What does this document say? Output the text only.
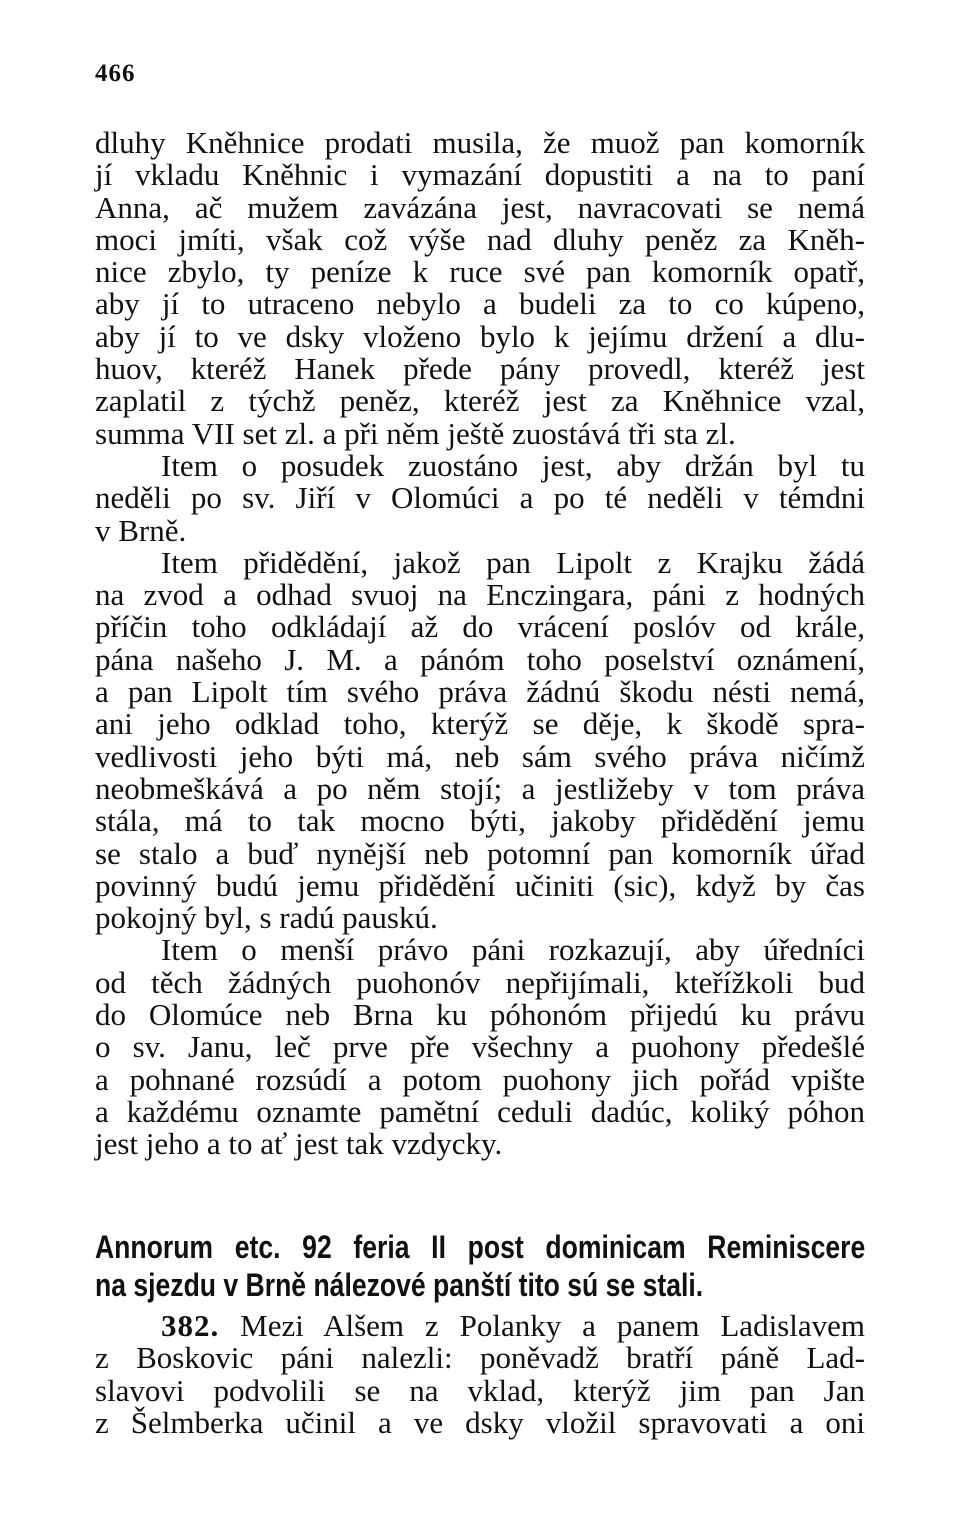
466
dluhy Kněhnice prodati musila, že muož pan komorník
jí vkladu Kněhnic i vymazání dopustiti a na to paní
Anna, ač mužem zavázána jest, navracovati se nemá
moci jmíti, však což výše nad dluhy peněz za Kněh-
nice zbylo, ty peníze k ruce své pan komorník opatř,
aby jí to utraceno nebylo a budeli za to co kúpeno,
aby jí to ve dsky vloženo bylo k jejímu držení a dlu-
huov, kteréž Hanek přede pány provedl, kteréž jest
zaplatil z týchž peněz, kteréž jest za Kněhnice vzal,
summa VII set zl. a při něm ještě zuostává tři sta zl.
Item o posudek zuostáno jest, aby držán byl tu
neděli po sv. Jiří v Olomúci a po té neděli v témdni
v Brně.
Item přidědění, jakož pan Lipolt z Krajku žádá
na zvod a odhad svuoj na Enczingara, páni z hodných
příčin toho odkládají až do vrácení poslóv od krále,
pána našeho J. M. a pánóm toho poselství oznámení,
a pan Lipolt tím svého práva žádnú škodu nésti nemá,
ani jeho odklad toho, kterýž se děje, k škodě spra-
vedlivosti jeho býti má, neb sám svého práva ničímž
neobmeškává a po něm stojí; a jestližeby v tom práva
stála, má to tak mocno býti, jakoby přidědění jemu
se stalo a buď nynější neb potomní pan komorník úřad
povinný budú jemu přidědění učiniti (sic), když by čas
pokojný byl, s radú pauskú.
Item o menší právo páni rozkazují, aby úředníci
od těch žádných puohonóv nepřijímali, kteřížkoli bud
do Olomúce neb Brna ku póhonóm přijedú ku právu
o sv. Janu, leč prve pře všechny a puohony předešlé
a pohnané rozsúdí a potom puohony jich pořád vpište
a každému oznamte pamětní ceduli dadúc, koliký póhon
jest jeho a to ať jest tak vzdycky.
Annorum etc. 92 feria II post dominicam Reminiscere
na sjezdu v Brně nálezové panští tito sú se stali.
382. Mezi Alšem z Polanky a panem Ladislavem
z Boskovic páni nalezli: poněvadž bratří páně Lad-
slavovi podvolili se na vklad, kterýž jim pan Jan
z Šelmberka učinil a ve dsky vložil spravovati a oni
